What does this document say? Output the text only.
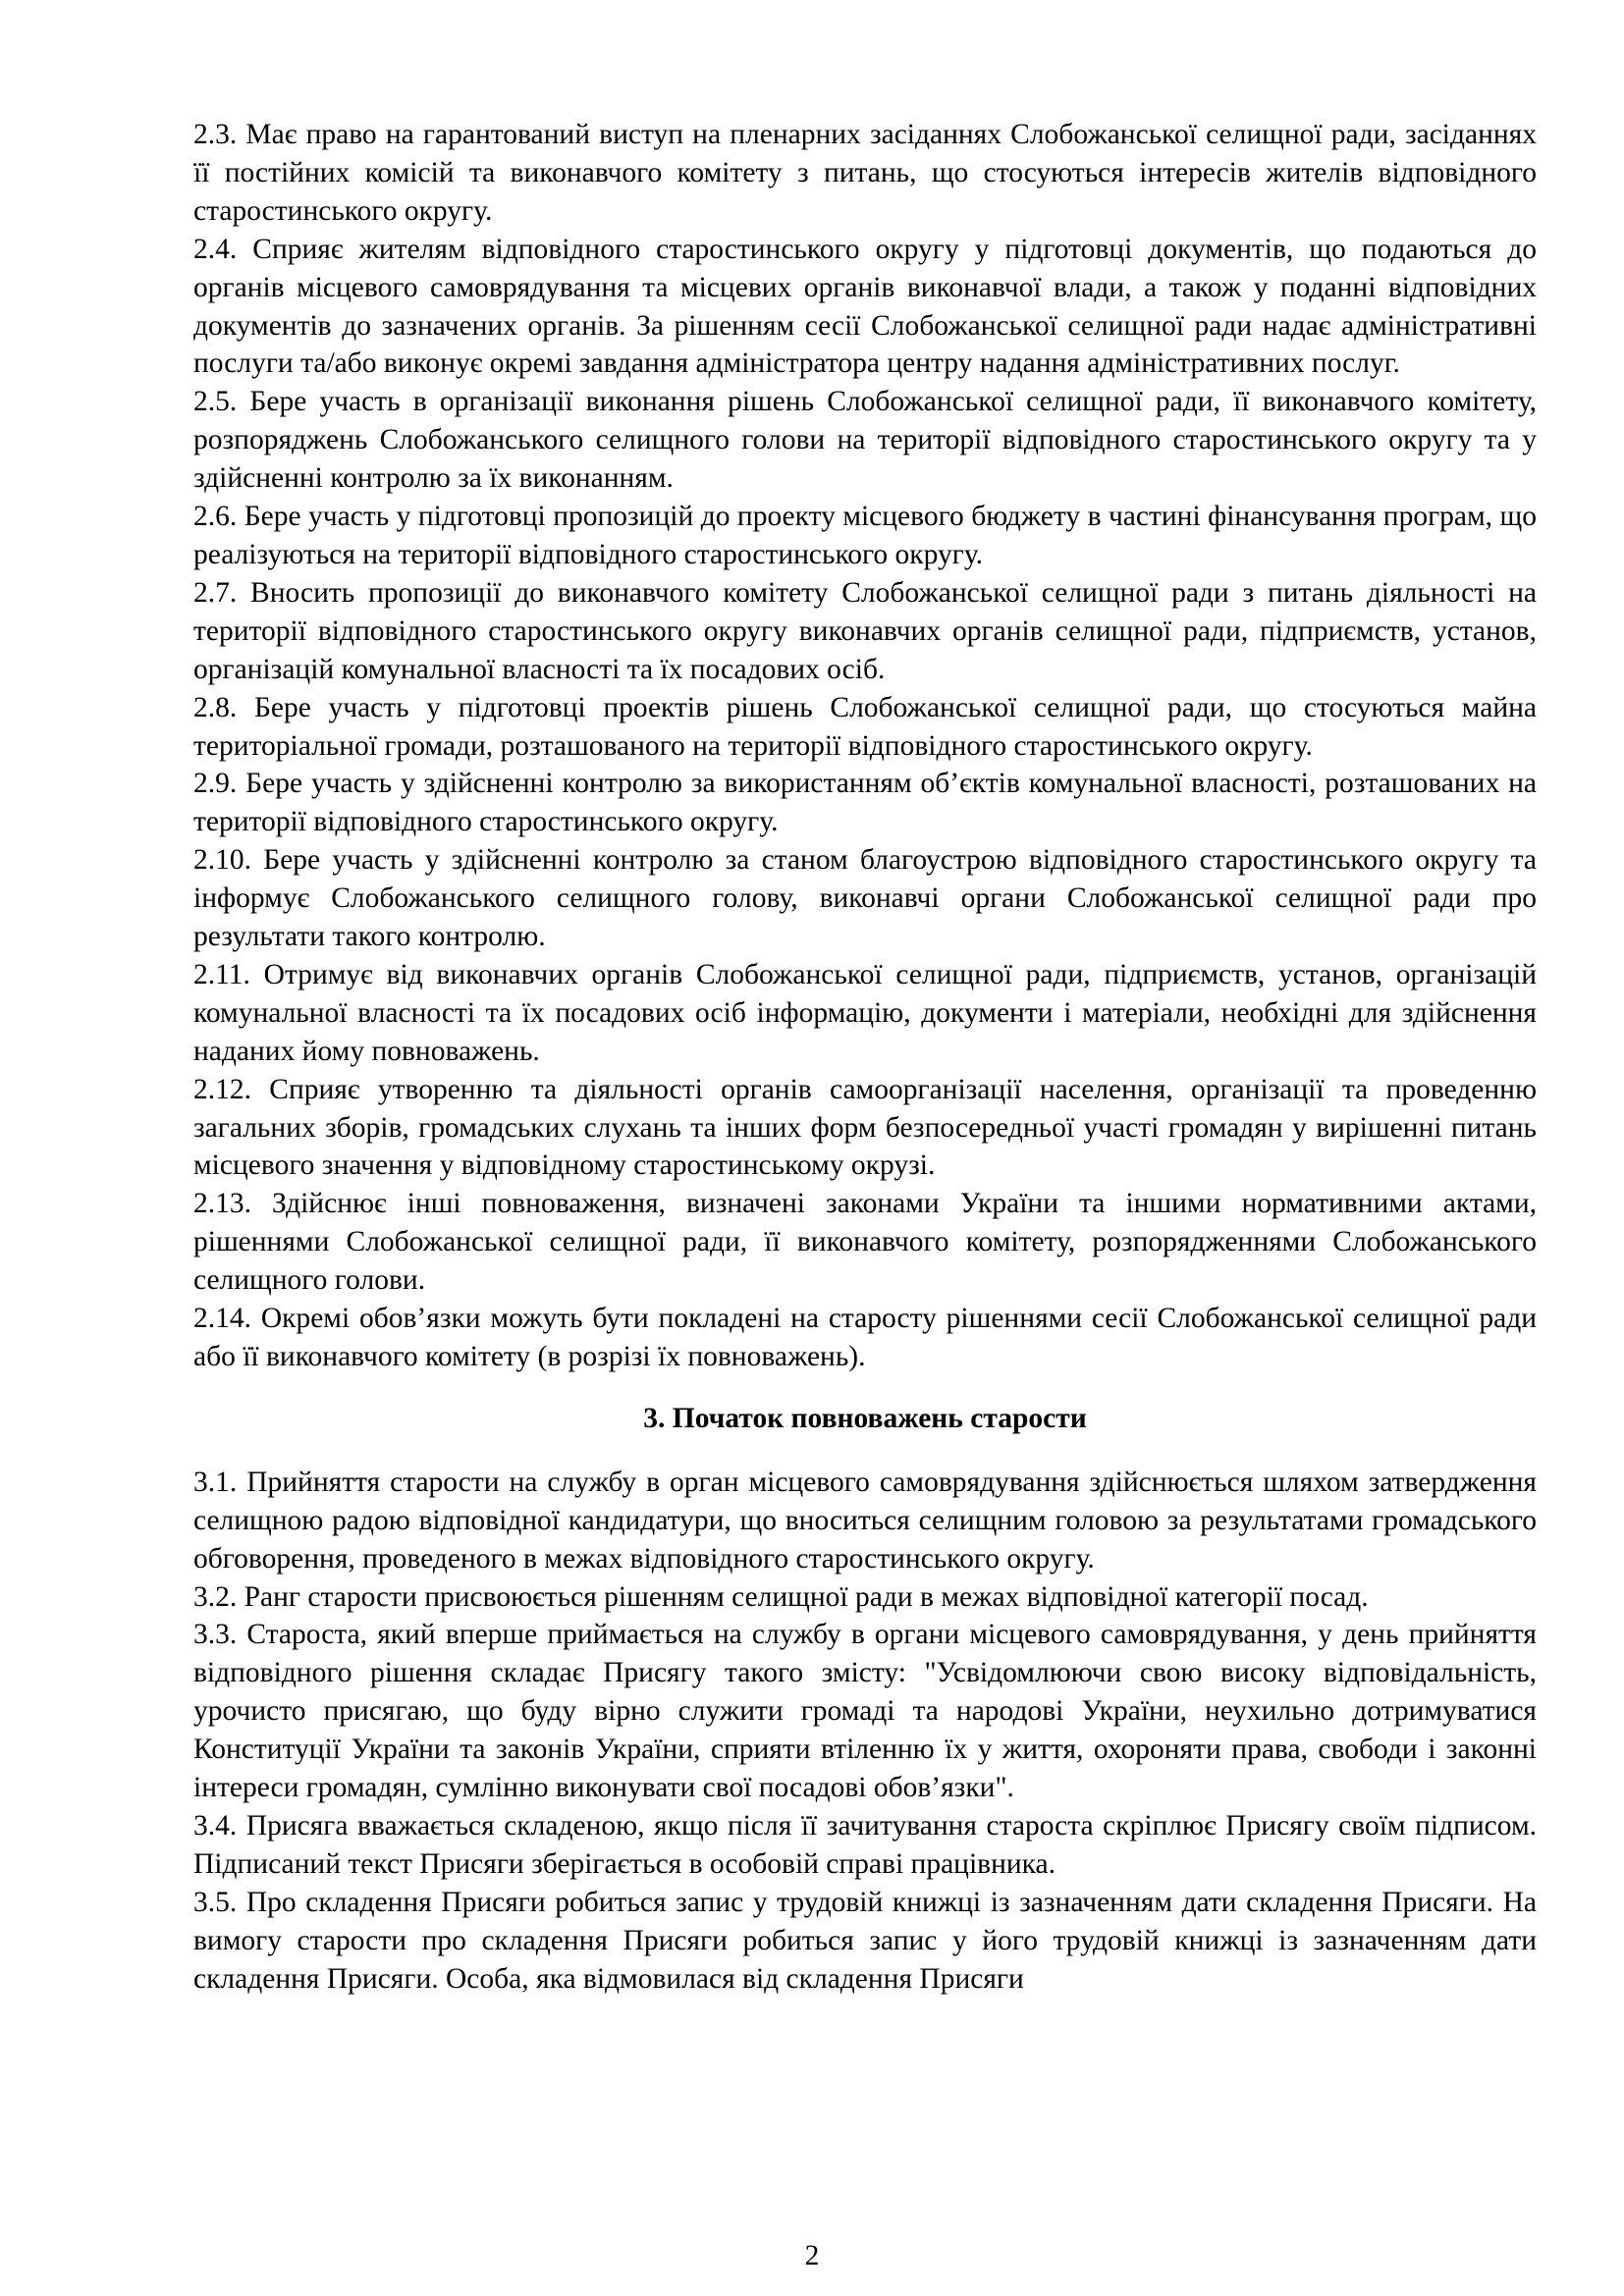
2.3. Має право на гарантований виступ на пленарних засіданнях Слобожанської селищної ради, засіданнях її постійних комісій та виконавчого комітету з питань, що стосуються інтересів жителів відповідного старостинського округу.

2.4. Сприяє жителям відповідного старостинського округу у підготовці документів, що подаються до органів місцевого самоврядування та місцевих органів виконавчої влади, а також у поданні відповідних документів до зазначених органів. За рішенням сесії Слобожанської селищної ради надає адміністративні послуги та/або виконує окремі завдання адміністратора центру надання адміністративних послуг.

2.5. Бере участь в організації виконання рішень Слобожанської селищної ради, її виконавчого комітету, розпоряджень Слобожанського селищного голови на території відповідного старостинського округу та у здійсненні контролю за їх виконанням.

2.6. Бере участь у підготовці пропозицій до проекту місцевого бюджету в частині фінансування програм, що реалізуються на території відповідного старостинського округу.

2.7. Вносить пропозиції до виконавчого комітету Слобожанської селищної ради з питань діяльності на території відповідного старостинського округу виконавчих органів селищної ради, підприємств, установ, організацій комунальної власності та їх посадових осіб.

2.8. Бере участь у підготовці проектів рішень Слобожанської селищної ради, що стосуються майна територіальної громади, розташованого на території відповідного старостинського округу.

2.9. Бере участь у здійсненні контролю за використанням об’єктів комунальної власності, розташованих на території відповідного старостинського округу.

2.10. Бере участь у здійсненні контролю за станом благоустрою відповідного старостинського округу та інформує Слобожанського селищного голову, виконавчі органи Слобожанської селищної ради про результати такого контролю.

2.11. Отримує від виконавчих органів Слобожанської селищної ради, підприємств, установ, організацій комунальної власності та їх посадових осіб інформацію, документи і матеріали, необхідні для здійснення наданих йому повноважень.

2.12. Сприяє утворенню та діяльності органів самоорганізації населення, організації та проведенню загальних зборів, громадських слухань та інших форм безпосередньої участі громадян у вирішенні питань місцевого значення у відповідному старостинському окрузі.

2.13. Здійснює інші повноваження, визначені законами України та іншими нормативними актами, рішеннями Слобожанської селищної ради, її виконавчого комітету, розпорядженнями Слобожанського селищного голови.

2.14. Окремі обов’язки можуть бути покладені на старосту рішеннями сесії Слобожанської селищної ради або її виконавчого комітету (в розрізі їх повноважень).

3. Початок повноважень старости

3.1. Прийняття старости на службу в орган місцевого самоврядування здійснюється шляхом затвердження селищною радою відповідної кандидатури, що вноситься селищним головою за результатами громадського обговорення, проведеного в межах відповідного старостинського округу.

3.2. Ранг старости присвоюється рішенням селищної ради в межах відповідної категорії посад.

3.3. Староста, який вперше приймається на службу в органи місцевого самоврядування, у день прийняття відповідного рішення складає Присягу такого змісту: "Усвідомлюючи свою високу відповідальність, урочисто присягаю, що буду вірно служити громаді та народові України, неухильно дотримуватися Конституції України та законів України, сприяти втіленню їх у життя, охороняти права, свободи і законні інтереси громадян, сумлінно виконувати свої посадові обов’язки".

3.4. Присяга вважається складеною, якщо після її зачитування староста скріплює Присягу своїм підписом. Підписаний текст Присяги зберігається в особовій справі працівника.

3.5. Про складення Присяги робиться запис у трудовій книжці із зазначенням дати складення Присяги. На вимогу старости про складення Присяги робиться запис у його трудовій книжці із зазначенням дати складення Присяги. Особа, яка відмовилася від складення Присяги

2
